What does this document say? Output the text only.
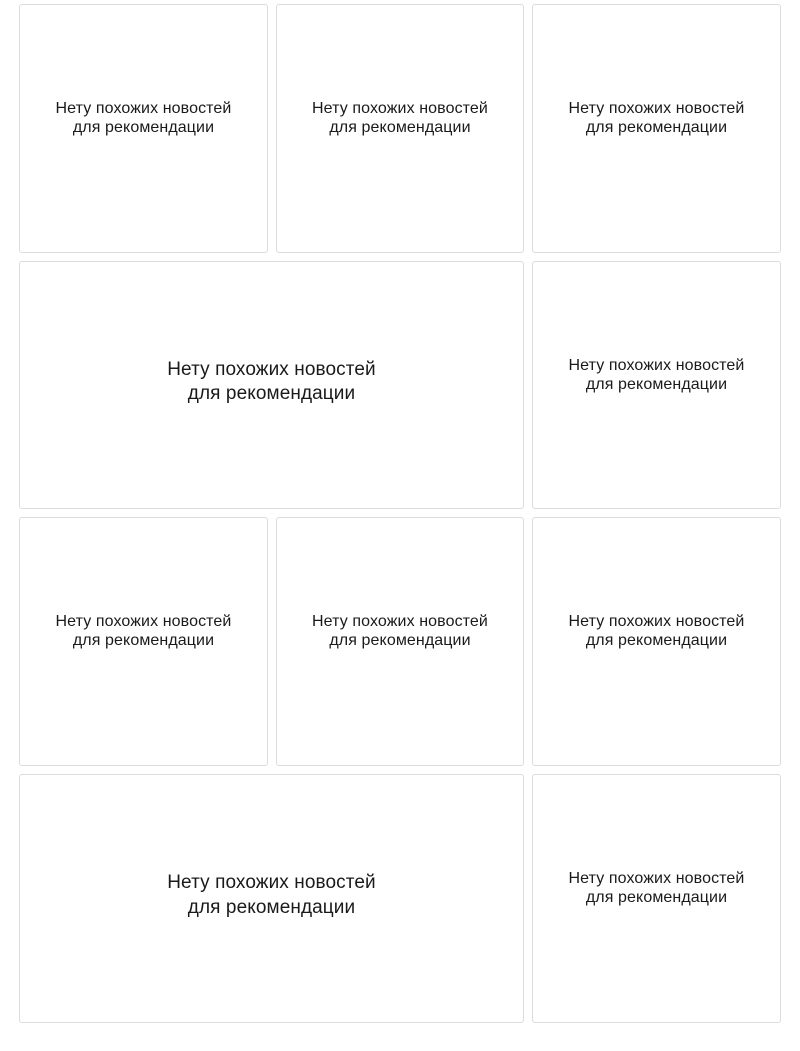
Нету похожих новостей
для рекомендации
Нету похожих новостей
для рекомендации
Нету похожих новостей
для рекомендации
Нету похожих новостей
для рекомендации
Нету похожих новостей
для рекомендации
Нету похожих новостей
для рекомендации
Нету похожих новостей
для рекомендации
Нету похожих новостей
для рекомендации
Нету похожих новостей
для рекомендации
Нету похожих новостей
для рекомендации
